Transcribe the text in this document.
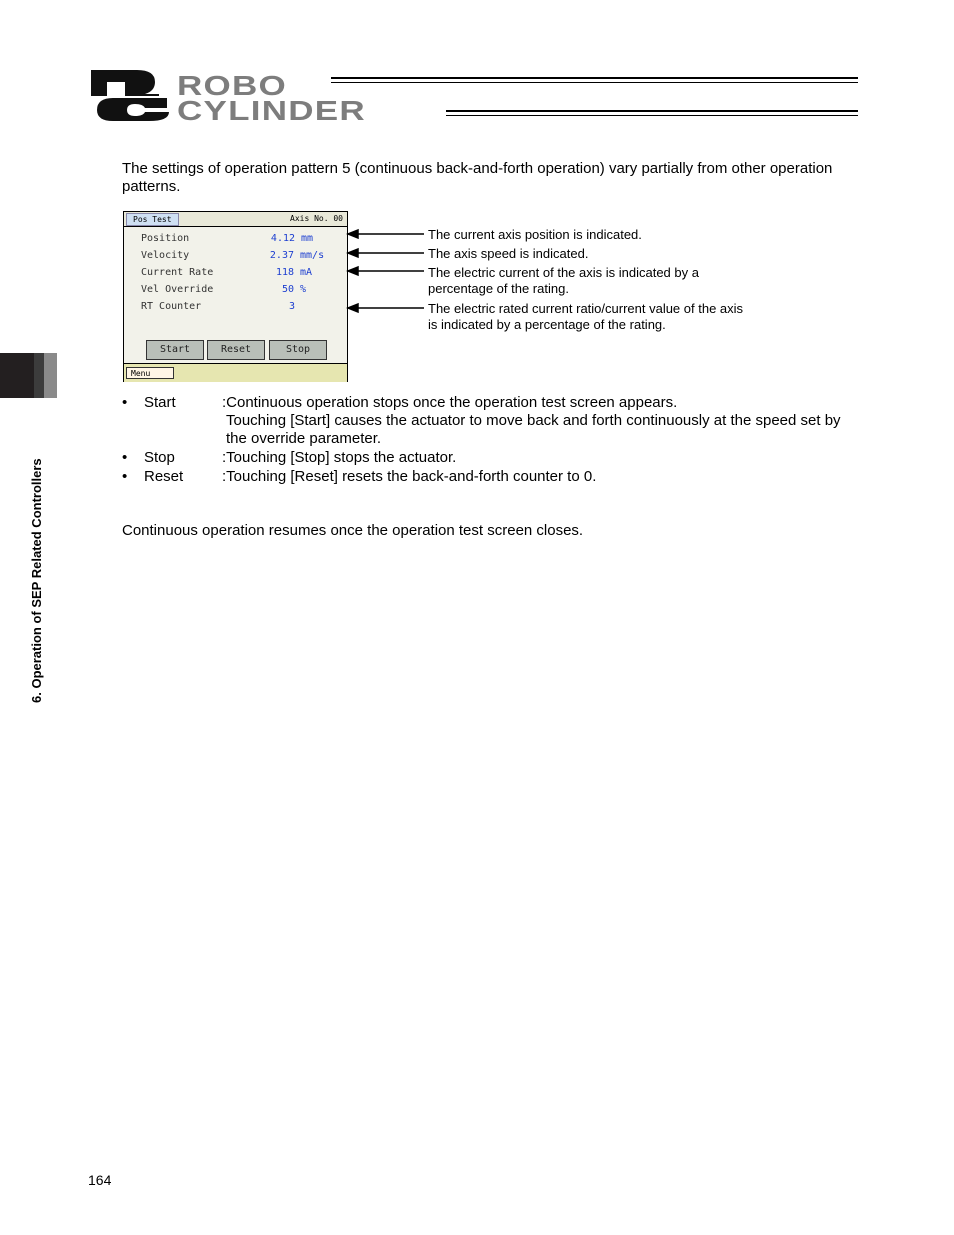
ROBO
CYLINDER
6. Operation of SEP Related Controllers
The settings of operation pattern 5 (continuous back-and-forth operation) vary partially from other operation patterns.
Pos Test	Axis No. 00
Position	4.12 mm
Velocity	2.37 mm/s
Current Rate	118 mA
Vel Override	50 %
RT Counter	3
Start	Reset	Stop
Menu
The current axis position is indicated.
The axis speed is indicated.
The electric current of the axis is indicated by a percentage of the rating.
The electric rated current ratio/current value of the axis is indicated by a percentage of the rating.
• Start	:Continuous operation stops once the operation test screen appears.
Touching [Start] causes the actuator to move back and forth continuously at the speed set by the override parameter.
• Stop	:Touching [Stop] stops the actuator.
• Reset	:Touching [Reset] resets the back-and-forth counter to 0.
Continuous operation resumes once the operation test screen closes.
164
